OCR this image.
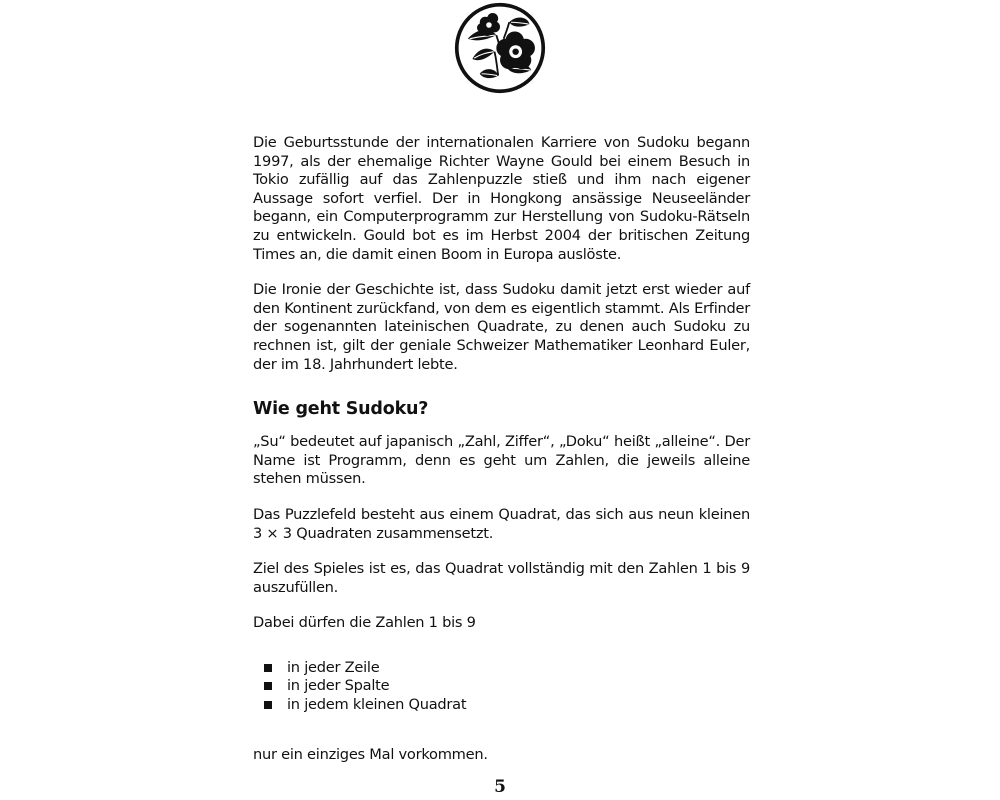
Die Geburtsstunde der internationalen Karriere von Sudoku begann 1997, als der ehemalige Richter Wayne Gould bei einem Besuch in Tokio zufällig auf das Zahlenpuzzle stieß und ihm nach eigener Aussage sofort verfiel. Der in Hongkong ansässige Neuseeländer begann, ein Computerprogramm zur Herstellung von Sudoku-Rätseln zu entwickeln. Gould bot es im Herbst 2004 der britischen Zeitung Times an, die damit einen Boom in Europa auslöste.

Die Ironie der Geschichte ist, dass Sudoku damit jetzt erst wieder auf den Kontinent zurückfand, von dem es eigentlich stammt. Als Erfinder der sogenannten lateinischen Quadrate, zu denen auch Sudoku zu rechnen ist, gilt der geniale Schweizer Mathematiker Leonhard Euler, der im 18. Jahrhundert lebte.

Wie geht Sudoku?

„Su“ bedeutet auf japanisch „Zahl, Ziffer“, „Doku“ heißt „alleine“. Der Name ist Programm, denn es geht um Zahlen, die jeweils alleine stehen müssen.

Das Puzzlefeld besteht aus einem Quadrat, das sich aus neun kleinen 3 × 3 Quadraten zusammensetzt.

Ziel des Spieles ist es, das Quadrat vollständig mit den Zahlen 1 bis 9 auszufüllen.

Dabei dürfen die Zahlen 1 bis 9

in jeder Zeile
in jeder Spalte
in jedem kleinen Quadrat

nur ein einziges Mal vorkommen.

5
